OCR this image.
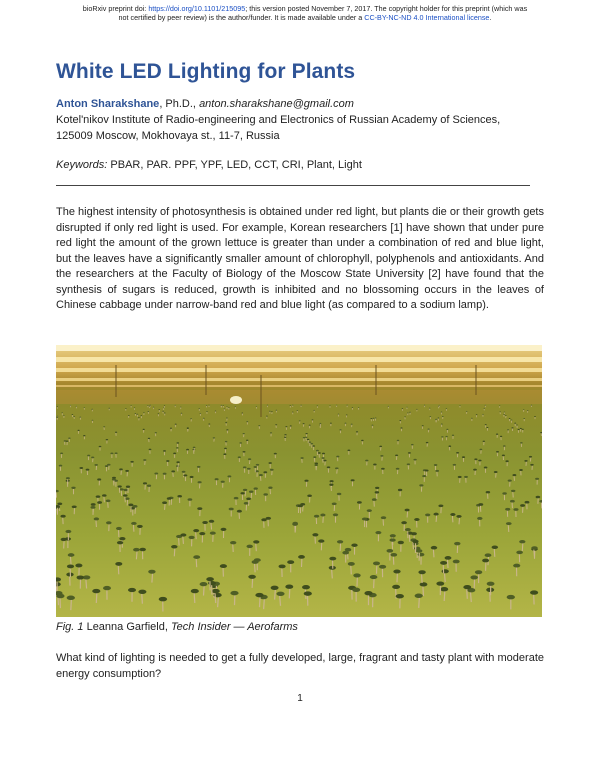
bioRxiv preprint doi: https://doi.org/10.1101/215095; this version posted November 7, 2017. The copyright holder for this preprint (which was
not certified by peer review) is the author/funder. It is made available under a CC-BY-NC-ND 4.0 International license.
White LED Lighting for Plants
Anton Sharakshane, Ph.D., anton.sharakshane@gmail.com
Kotel'nikov Institute of Radio-engineering and Electronics of Russian Academy of Sciences,
125009 Moscow, Mokhovaya st., 11-7, Russia
Keywords: PBAR, PAR. PPF, YPF, LED, CCT, CRI, Plant, Light

The highest intensity of photosynthesis is obtained under red light, but plants die or their growth gets disrupted if only red light is used. For example, Korean researchers [1] have shown that under pure red light the amount of the grown lettuce is greater than under a combination of red and blue light, but the leaves have a significantly smaller amount of chlorophyll, polyphenols and antioxidants. And the researchers at the Faculty of Biology of the Moscow State University [2] have found that the synthesis of sugars is reduced, growth is inhibited and no blossoming occurs in the leaves of Chinese cabbage under narrow-band red and blue light (as compared to a sodium lamp).

Fig. 1 Leanna Garfield, Tech Insider — Aerofarms

What kind of lighting is needed to get a fully developed, large, fragrant and tasty plant with moderate energy consumption?

1
